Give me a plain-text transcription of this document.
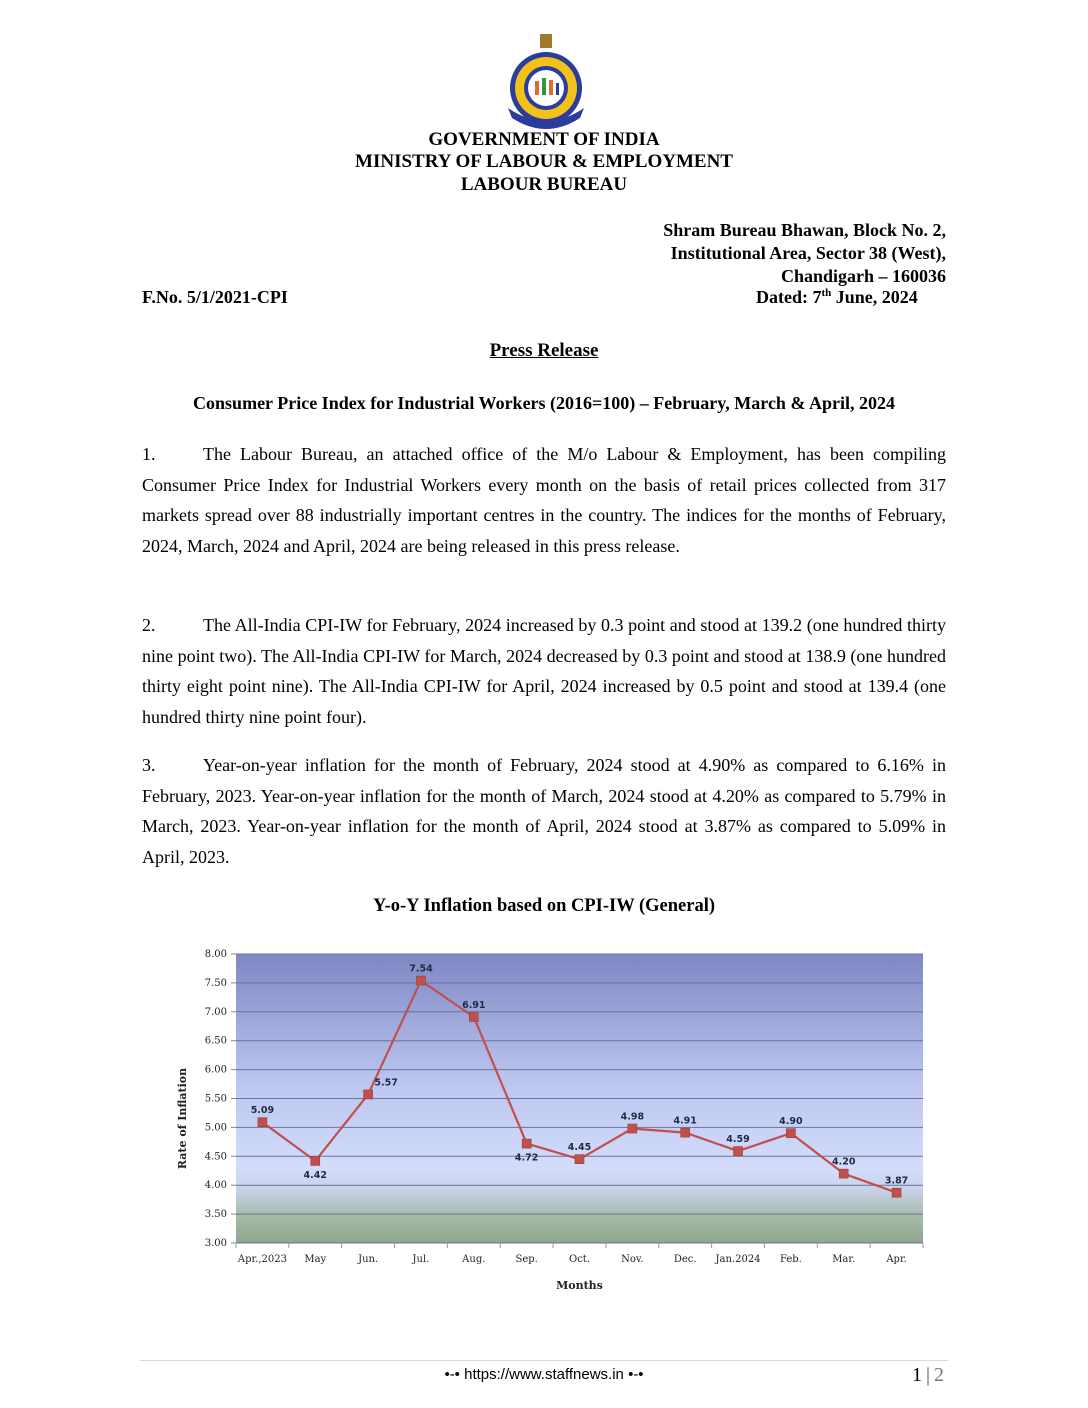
GOVERNMENT OF INDIA
MINISTRY OF LABOUR & EMPLOYMENT
LABOUR BUREAU
Shram Bureau Bhawan, Block No. 2,
Institutional Area, Sector 38 (West),
Chandigarh – 160036
F.No. 5/1/2021-CPI	Dated: 7th June, 2024
Press Release
Consumer Price Index for Industrial Workers (2016=100) – February, March & April, 2024
1.	The Labour Bureau, an attached office of the M/o Labour & Employment, has been compiling Consumer Price Index for Industrial Workers every month on the basis of retail prices collected from 317 markets spread over 88 industrially important centres in the country. The indices for the months of February, 2024, March, 2024 and April, 2024 are being released in this press release.
2.	The All-India CPI-IW for February, 2024 increased by 0.3 point and stood at 139.2 (one hundred thirty nine point two). The All-India CPI-IW for March, 2024 decreased by 0.3 point and stood at 138.9 (one hundred thirty eight point nine). The All-India CPI-IW for April, 2024 increased by 0.5 point and stood at 139.4 (one hundred thirty nine point four).
3.	Year-on-year inflation for the month of February, 2024 stood at 4.90% as compared to 6.16% in February, 2023. Year-on-year inflation for the month of March, 2024 stood at 4.20% as compared to 5.79% in March, 2023. Year-on-year inflation for the month of April, 2024 stood at 3.87% as compared to 5.09% in April, 2023.
Y-o-Y Inflation based on CPI-IW (General)
3.00
3.50
4.00
4.50
5.00
5.50
6.00
6.50
7.00
7.50
8.00
Apr.,2023 May	Jun.	Jul.	Aug.	Sep.	Oct.	Nov.	Dec. Jan.2024 Feb.	Mar.	Apr.
5.09
4.42
5.57
7.54
6.91
4.72
4.45
4.98	4.91
4.59
4.90
4.20
3.87
Months
Rate of Inflation
•-• https://www.staffnews.in •-•	1 | 2
